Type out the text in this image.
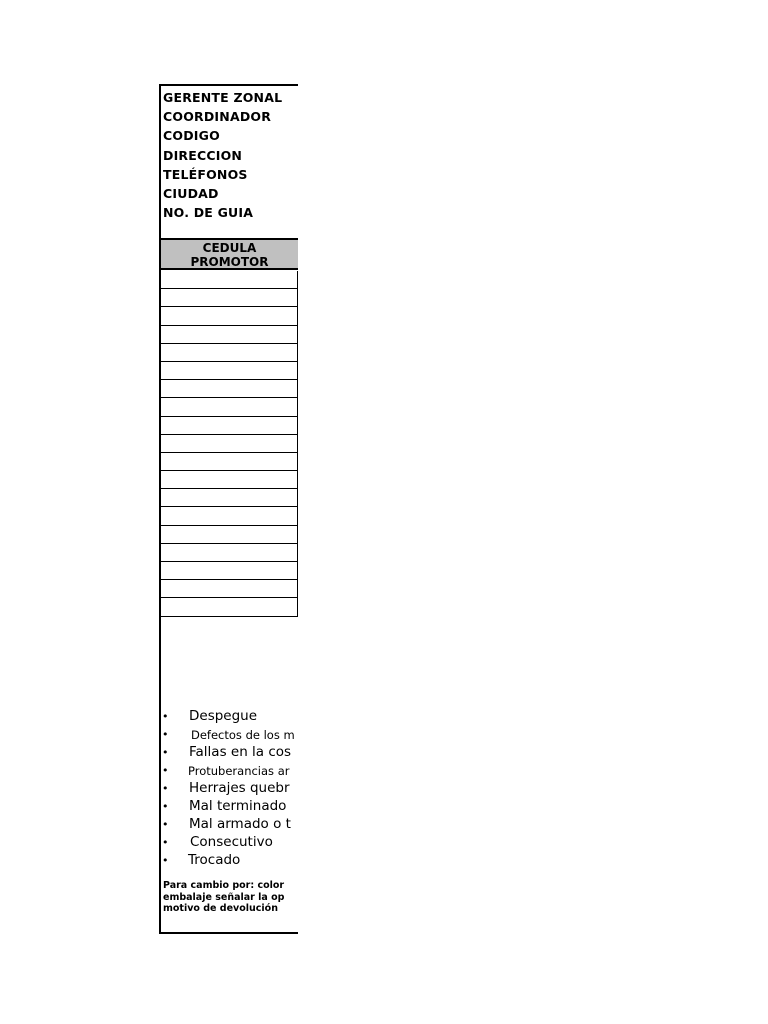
GERENTE ZONAL
COORDINADOR
CODIGO
DIRECCION
TELÉFONOS
CIUDAD
NO. DE GUIA
CEDULA
PROMOTOR
• Despegue
• Defectos de los m
• Fallas en la cos
• Protuberancias ar
• Herrajes quebr
• Mal terminado
• Mal armado o t
• Consecutivo
• Trocado
Para cambio por: color
embalaje señalar la op
motivo de devolución
